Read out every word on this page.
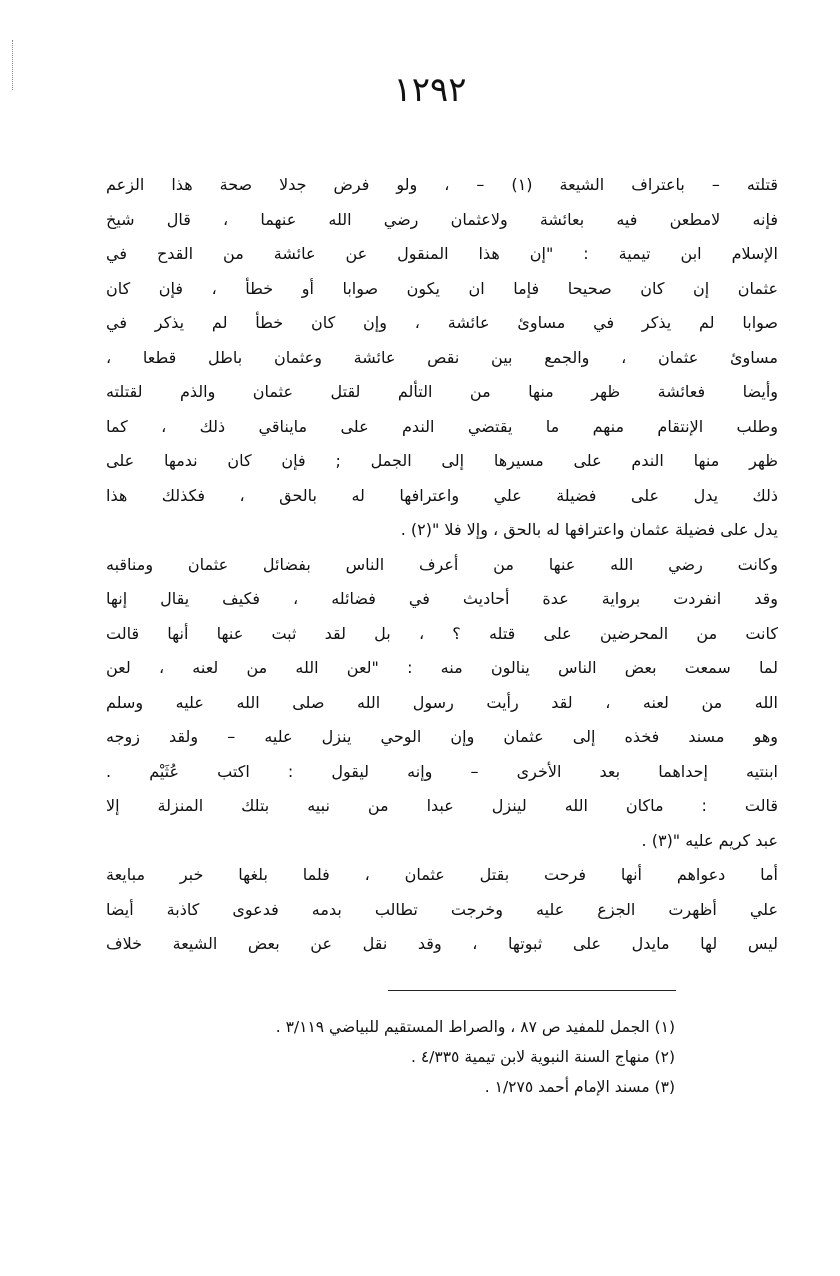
١٢٩٢
قتلته – باعتراف الشيعة (١) – ، ولو فرض جدلا صحة هذا الزعم
فإنه لامطعن فيه بعائشة ولاعثمان رضي الله عنهما ، قال شيخ
الإسلام ابن تيمية : "إن هذا المنقول عن عائشة من القدح في
عثمان إن كان صحيحا فإما ان يكون صوابا أو خطأ ، فإن كان
صوابا لم يذكر في مساوئ عائشة ، وإن كان خطأ لم يذكر في
مساوئ عثمان ، والجمع بين نقص عائشة وعثمان باطل قطعا ،
وأيضا فعائشة ظهر منها من التألم لقتل عثمان والذم لقتلته
وطلب الإنتقام منهم ما يقتضي الندم على مايناقي ذلك ، كما
ظهر منها الندم على مسيرها إلى الجمل ; فإن كان ندمها على
ذلك يدل على فضيلة علي واعترافها له بالحق ، فكذلك هذا
يدل على فضيلة عثمان واعترافها له بالحق ، وإلا فلا "(٢) .
وكانت رضي الله عنها من أعرف الناس بفضائل عثمان ومناقبه
وقد انفردت برواية عدة أحاديث في فضائله ، فكيف يقال إنها
كانت من المحرضين على قتله ؟ ، بل لقد ثبت عنها أنها قالت
لما سمعت بعض الناس ينالون منه : "لعن الله من لعنه ، لعن
الله من لعنه ، لقد رأيت رسول الله صلى الله عليه وسلم
وهو مسند فخذه إلى عثمان وإن الوحي ينزل عليه – ولقد زوجه
ابنتيه إحداهما بعد الأخرى – وإنه ليقول : اكتب عُثَيْم .
قالت : ماكان الله لينزل عبدا من نبيه بتلك المنزلة إلا
عبد كريم عليه "(٣) .
أما دعواهم أنها فرحت بقتل عثمان ، فلما بلغها خبر مبايعة
علي أظهرت الجزع عليه وخرجت تطالب بدمه فدعوى كاذبة أيضا
ليس لها مايدل على ثبوتها ، وقد نقل عن بعض الشيعة خلاف
(١) الجمل للمفيد ص ٨٧ ، والصراط المستقيم للبياضي ٣/١١٩ .
(٢) منهاج السنة النبوية لابن تيمية ٤/٣٣٥ .
(٣) مسند الإمام أحمد ١/٢٧٥ .
